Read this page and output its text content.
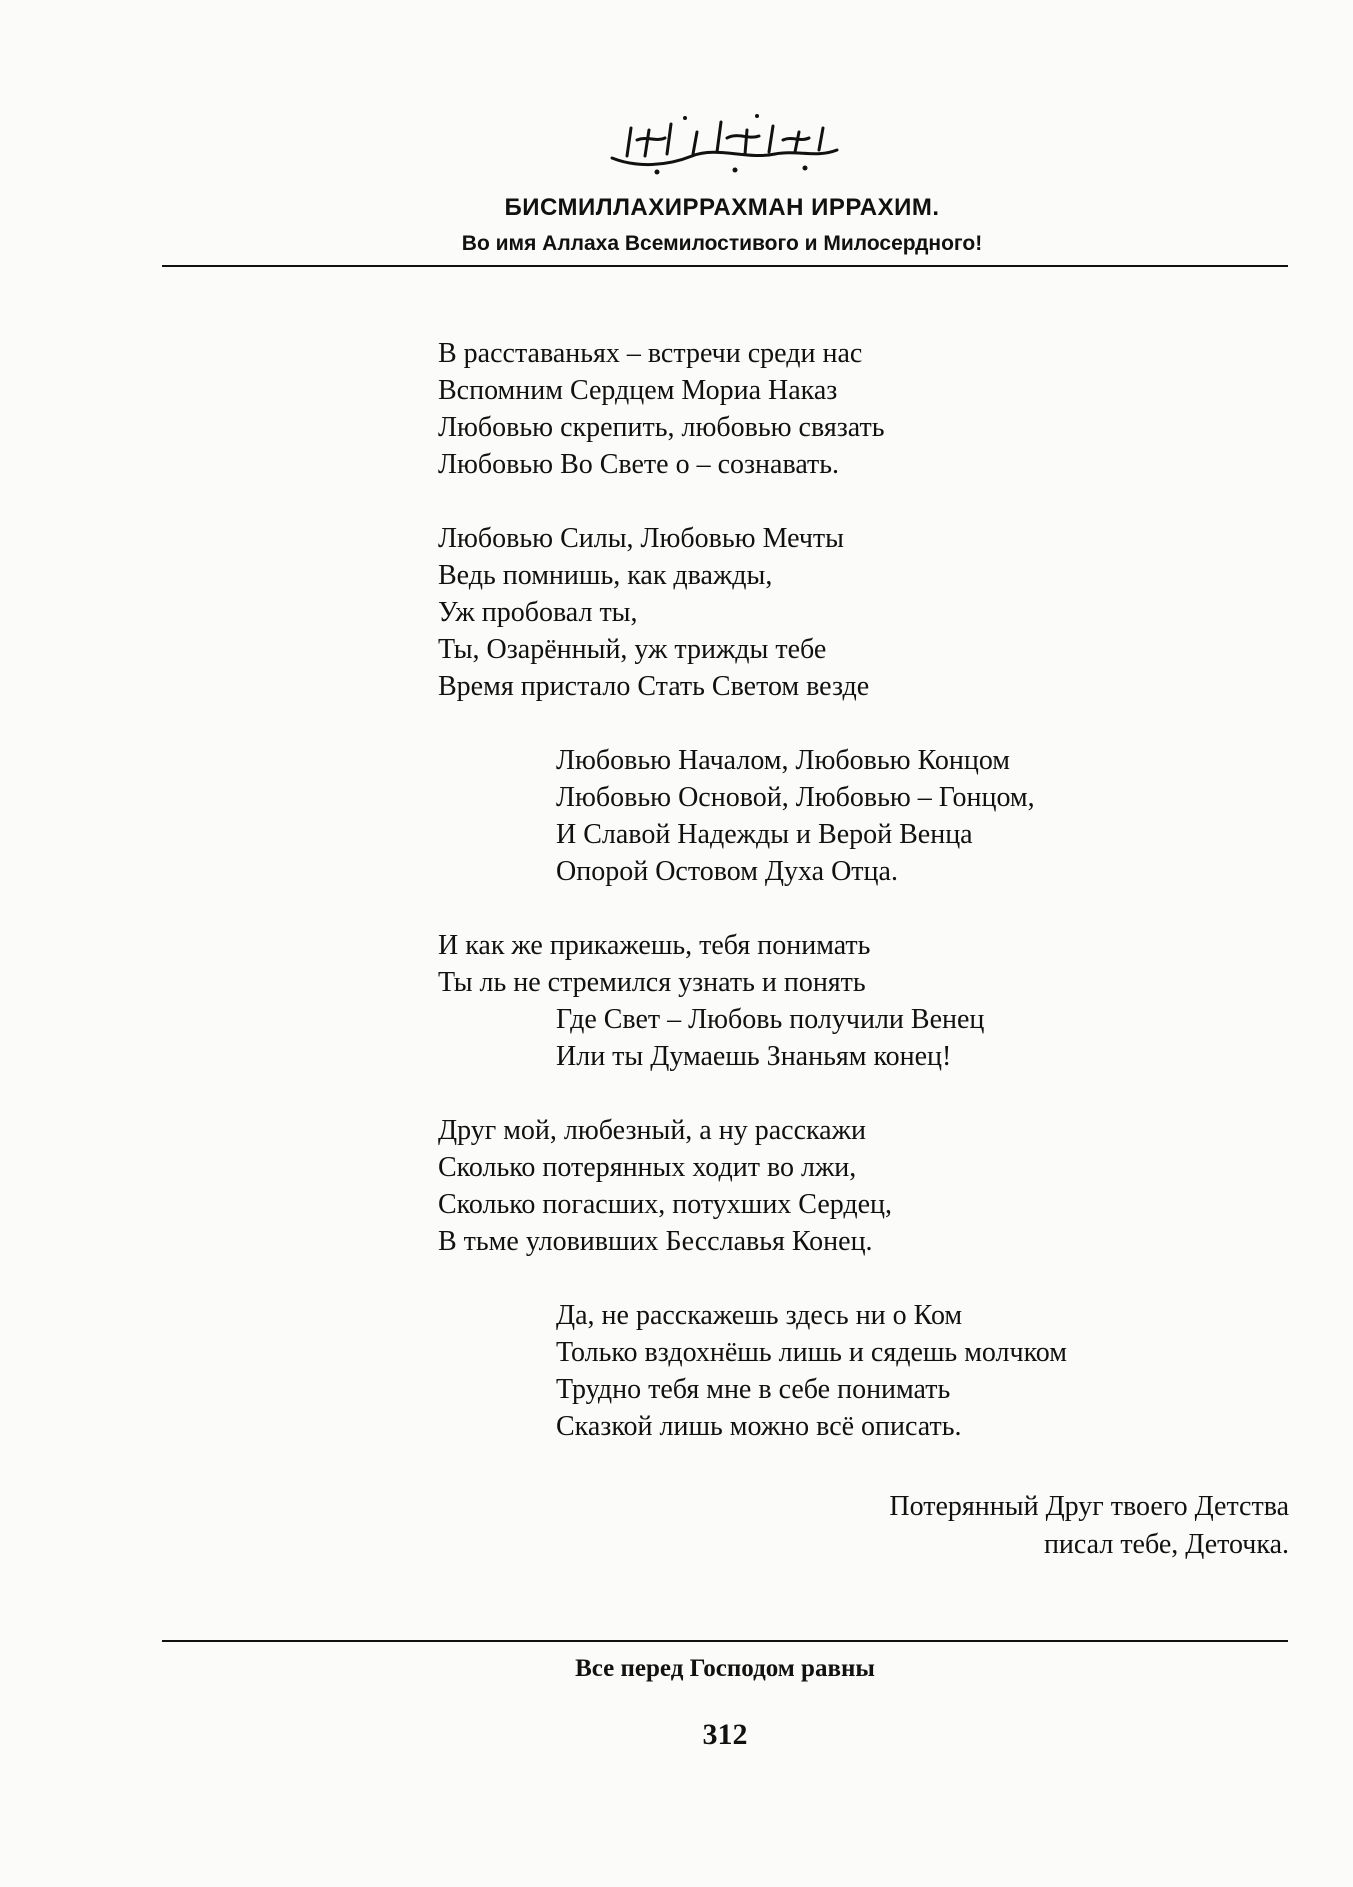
БИСМИЛЛАХИРРАХМАН ИРРАХИМ.
Во имя Аллаха Всемилостивого и Милосердного!
В расставаньях – встречи среди нас
Вспомним Сердцем Мориа Наказ
Любовью скрепить, любовью связать
Любовью Во Свете о – сознавать.
Любовью Силы, Любовью Мечты
Ведь помнишь, как дважды,
Уж пробовал ты,
Ты, Озарённый, уж трижды тебе
Время пристало Стать Светом везде
Любовью Началом, Любовью Концом
Любовью Основой, Любовью – Гонцом,
И Славой Надежды и Верой Венца
Опорой Остовом Духа Отца.
И как же прикажешь, тебя понимать
Ты ль не стремился узнать и понять
Где Свет – Любовь получили Венец
Или ты Думаешь Знаньям конец!
Друг мой, любезный, а ну расскажи
Сколько потерянных ходит во лжи,
Сколько погасших, потухших Сердец,
В тьме уловивших Бесславья Конец.
Да, не расскажешь здесь ни о Ком
Только вздохнёшь лишь и сядешь молчком
Трудно тебя мне в себе понимать
Сказкой лишь можно всё описать.
Потерянный Друг твоего Детства
писал тебе, Деточка.
Все перед Господом равны
312
